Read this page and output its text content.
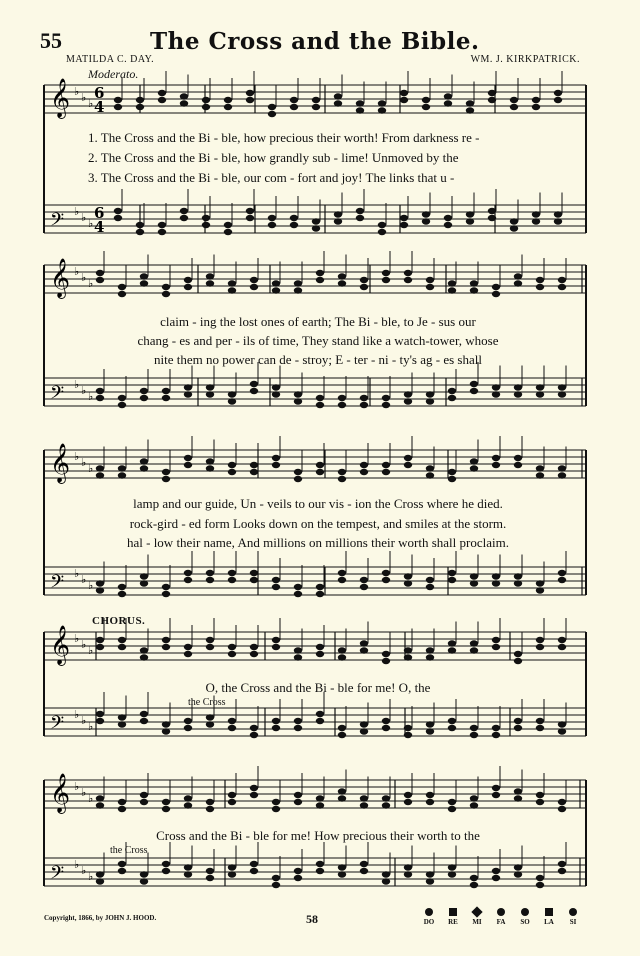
55	The Cross and the Bible.
MATILDA C. DAY.	WM. J. KIRKPATRICK.
Moderato.
𝄞 ♭ ♭ ♭
𝄢 ♭ ♭ ♭
𝄞 ♭ ♭ ♭
𝄢 ♭ ♭ ♭
𝄞 ♭ ♭ ♭
𝄢 ♭ ♭ ♭
𝄞 ♭ ♭ ♭
𝄢 ♭ ♭ ♭
𝄞 ♭ ♭ ♭
𝄢 ♭ ♭ ♭
6
4
6
4
1. The Cross and the Bi - ble, how precious their worth! From darkness re -
2. The Cross and the Bi - ble, how grandly sub - lime! Unmoved by the
3. The Cross and the Bi - ble, our com - fort and joy! The links that u -
claim - ing the lost ones of earth; The Bi - ble, to Je - sus our
chang - es and per - ils of time, They stand like a watch-tower, whose
nite them no power can de - stroy; E - ter - ni - ty's ag - es shall
lamp and our guide, Un - veils to our vis - ion the Cross where he died.
rock-gird - ed form Looks down on the tempest, and smiles at the storm.
hal - low their name, And millions on millions their worth shall proclaim.
CHORUS.
O, the Cross and the Bi - ble for me! O, the
the Cross
Cross and the Bi - ble for me! How precious their worth to the
the Cross
Copyright, 1866, by JOHN J. HOOD.	58	DO	RE	MI	FA	SO	LA	SI
